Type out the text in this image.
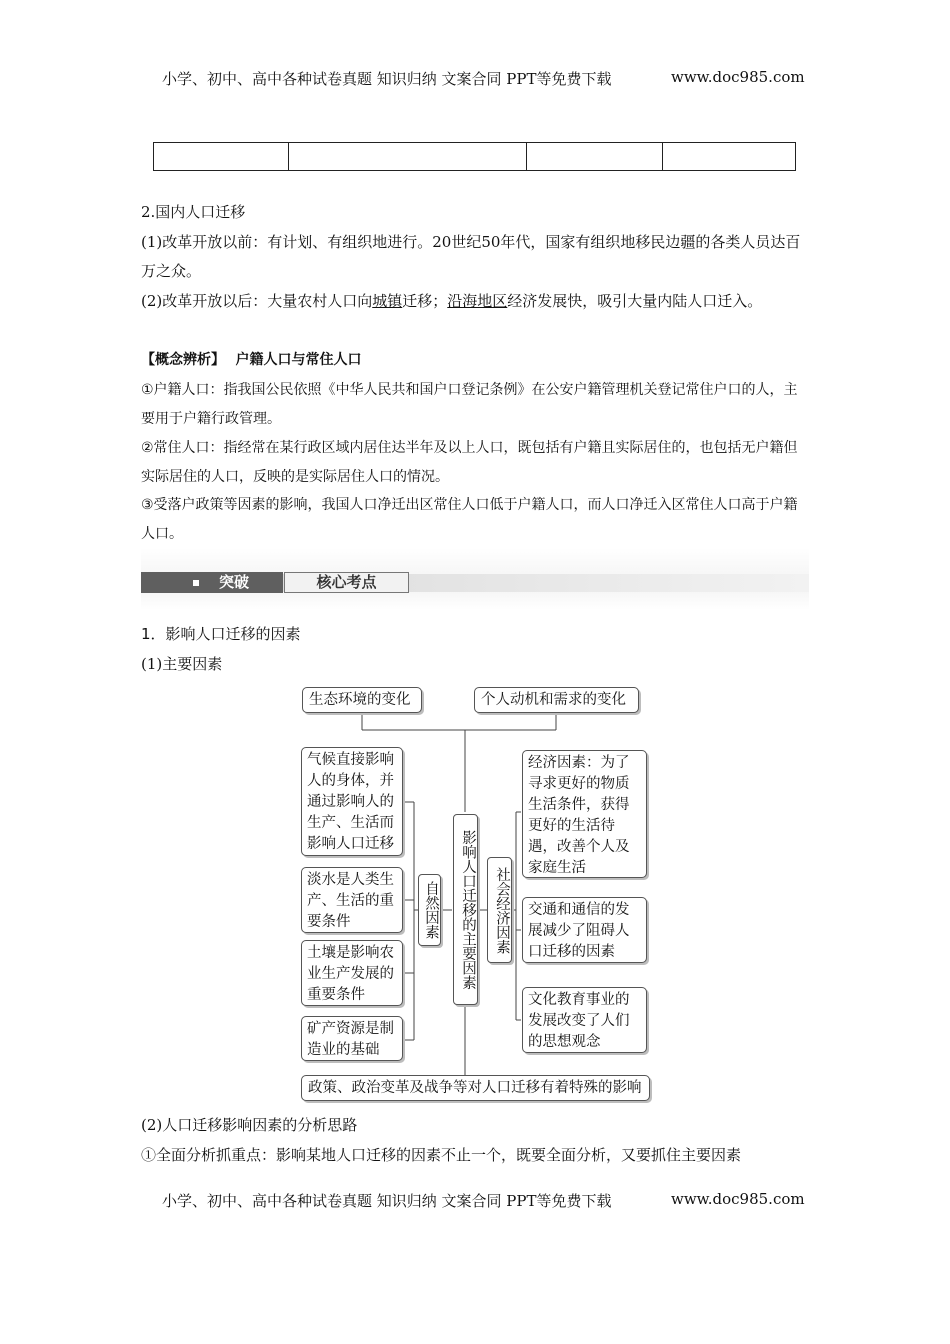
小学、初中、高中各种试卷真题 知识归纳 文案合同 PPT等免费下载	www.doc985.com

2.国内人口迁移
(1)改革开放以前：有计划、有组织地进行。20世纪50年代，国家有组织地移民边疆的各类人员达百万之众。
(2)改革开放以后：大量农村人口向城镇迁移；沿海地区经济发展快，吸引大量内陆人口迁入。
【概念辨析】 户籍人口与常住人口
①户籍人口：指我国公民依照《中华人民共和国户口登记条例》在公安户籍管理机关登记常住户口的人，主要用于户籍行政管理。
②常住人口：指经常在某行政区域内居住达半年及以上人口，既包括有户籍且实际居住的，也包括无户籍但实际居住的人口，反映的是实际居住人口的情况。
③受落户政策等因素的影响，我国人口净迁出区常住人口低于户籍人口，而人口净迁入区常住人口高于户籍人口。
突破	核心考点
1．影响人口迁移的因素
(1)主要因素
生态环境的变化	个人动机和需求的变化
影响人口迁移的主要因素
自然因素	社会经济因素
气候直接影响人的身体，并通过影响人的生产、生活而影响人口迁移
淡水是人类生产、生活的重要条件
土壤是影响农业生产发展的重要条件
矿产资源是制造业的基础
经济因素：为了寻求更好的物质生活条件，获得更好的生活待遇，改善个人及家庭生活
交通和通信的发展减少了阻碍人口迁移的因素
文化教育事业的发展改变了人们的思想观念
政策、政治变革及战争等对人口迁移有着特殊的影响
(2)人口迁移影响因素的分析思路
①全面分析抓重点：影响某地人口迁移的因素不止一个，既要全面分析，又要抓住主要因素
小学、初中、高中各种试卷真题 知识归纳 文案合同 PPT等免费下载	www.doc985.com
